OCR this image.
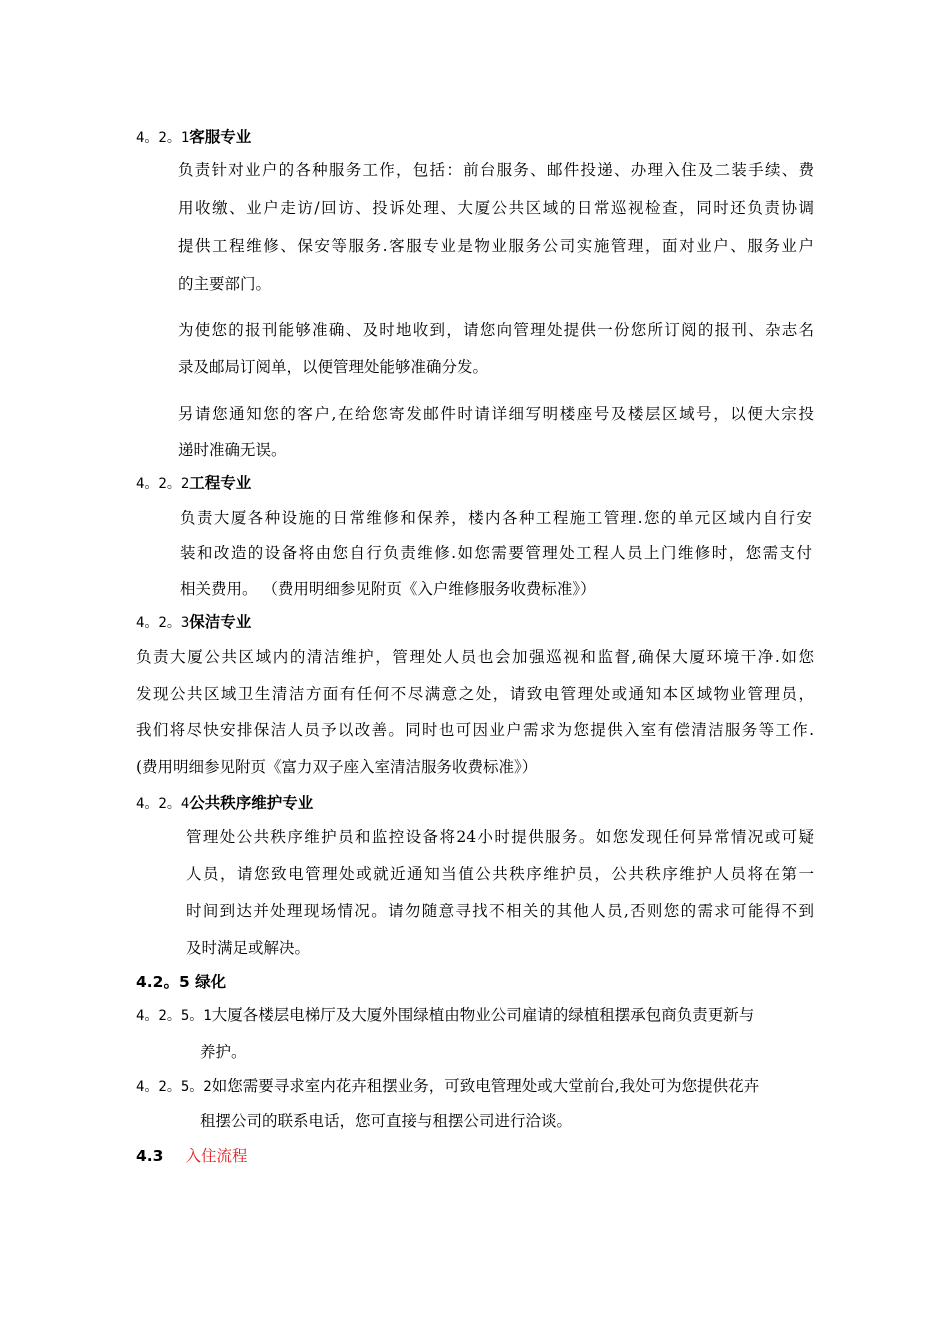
4。2。1客服专业
负责针对业户的各种服务工作，包括：前台服务、邮件投递、办理入住及二装手续、费
用收缴、业户走访/回访、投诉处理、大厦公共区域的日常巡视检查，同时还负责协调
提供工程维修、保安等服务.客服专业是物业服务公司实施管理，面对业户、服务业户
的主要部门。
为使您的报刊能够准确、及时地收到，请您向管理处提供一份您所订阅的报刊、杂志名
录及邮局订阅单，以便管理处能够准确分发。
另请您通知您的客户,在给您寄发邮件时请详细写明楼座号及楼层区域号，以便大宗投
递时准确无误。
4。2。2工程专业
负责大厦各种设施的日常维修和保养，楼内各种工程施工管理.您的单元区域内自行安
装和改造的设备将由您自行负责维修.如您需要管理处工程人员上门维修时，您需支付
相关费用。 （费用明细参见附页《入户维修服务收费标准》）
4。2。3保洁专业
负责大厦公共区域内的清洁维护，管理处人员也会加强巡视和监督,确保大厦环境干净.如您
发现公共区域卫生清洁方面有任何不尽满意之处，请致电管理处或通知本区域物业管理员，
我们将尽快安排保洁人员予以改善。同时也可因业户需求为您提供入室有偿清洁服务等工作.
(费用明细参见附页《富力双子座入室清洁服务收费标准》）
4。2。4公共秩序维护专业
管理处公共秩序维护员和监控设备将24小时提供服务。如您发现任何异常情况或可疑
人员，请您致电管理处或就近通知当值公共秩序维护员，公共秩序维护人员将在第一
时间到达并处理现场情况。请勿随意寻找不相关的其他人员,否则您的需求可能得不到
及时满足或解决。
4.2。5 绿化
4。2。5。1大厦各楼层电梯厅及大厦外围绿植由物业公司雇请的绿植租摆承包商负责更新与
养护。
4。2。5。2如您需要寻求室内花卉租摆业务，可致电管理处或大堂前台,我处可为您提供花卉
租摆公司的联系电话，您可直接与租摆公司进行洽谈。
4.3 入住流程
